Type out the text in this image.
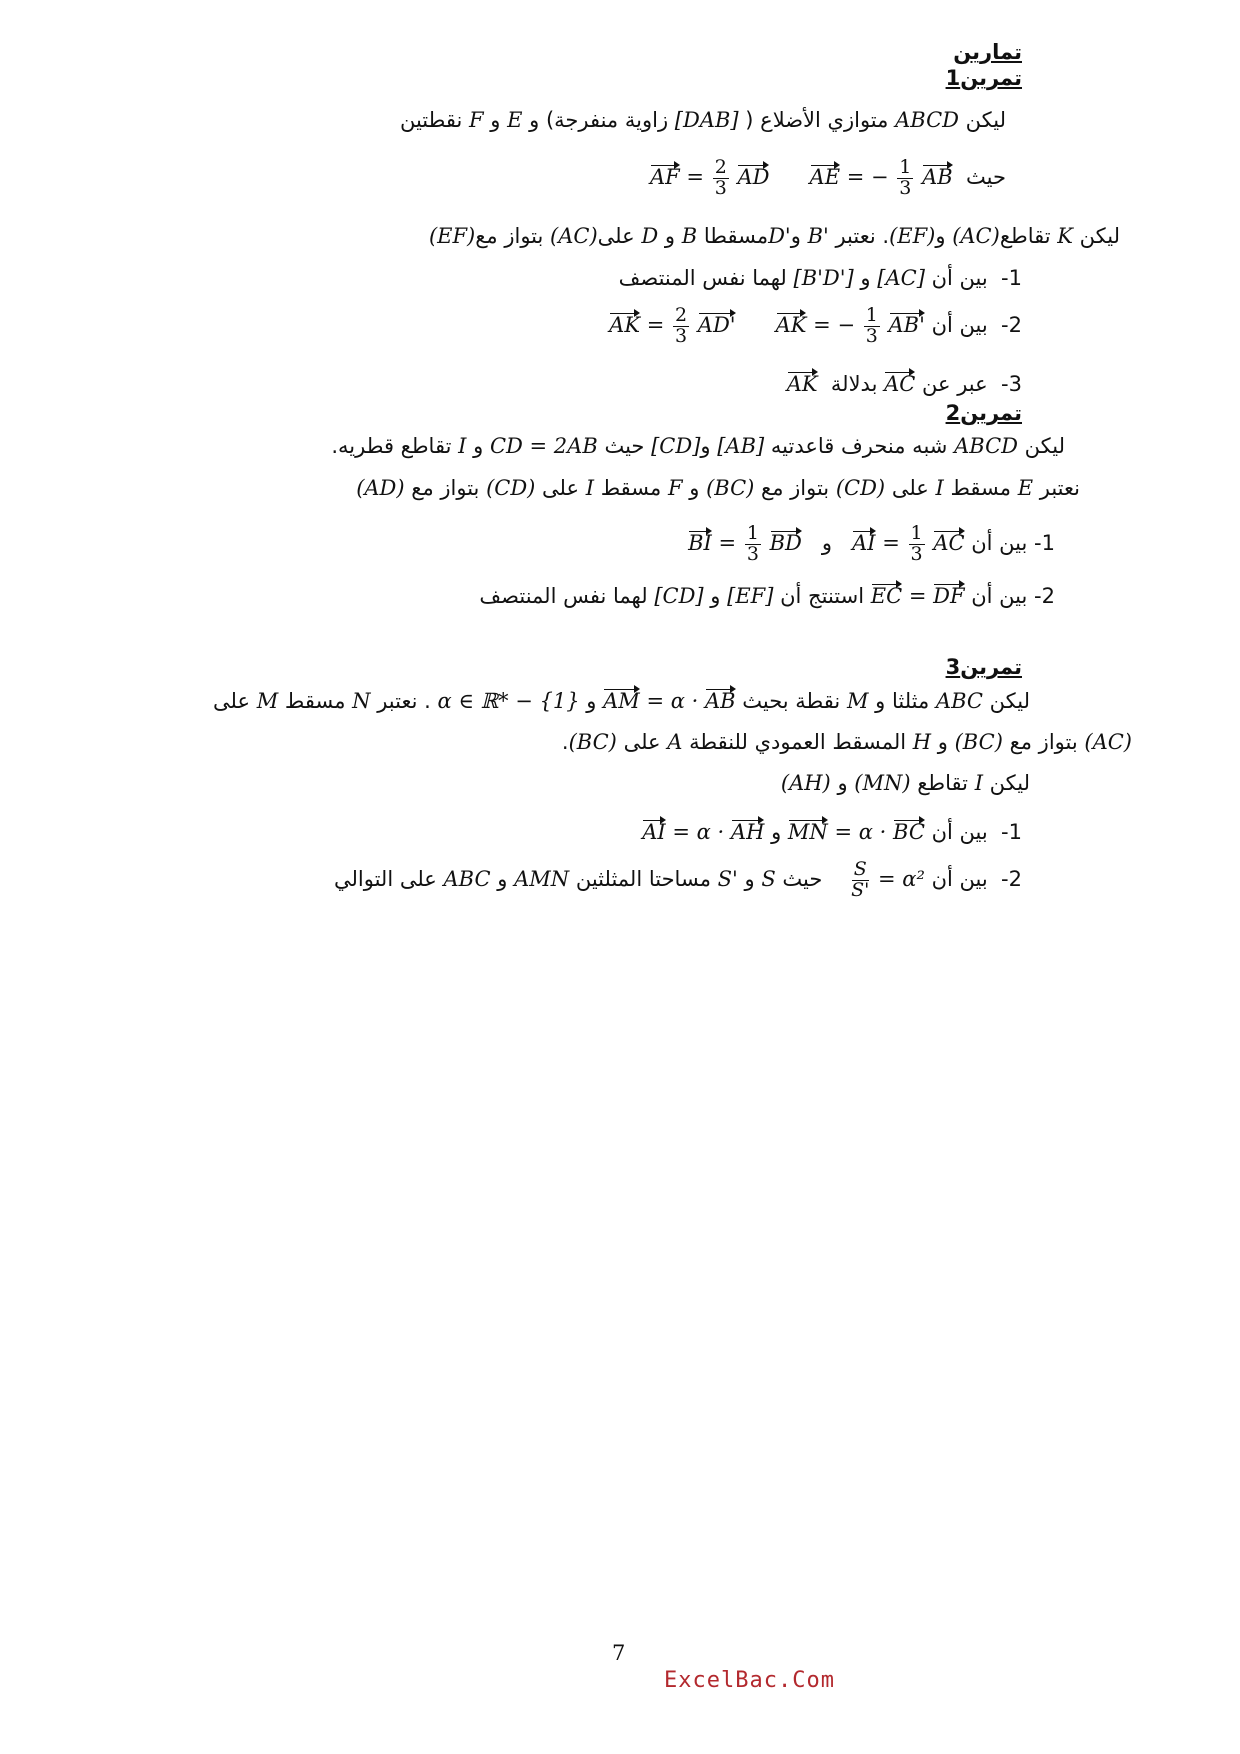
تمارين
تمرين1
ليكن ABCD متوازي الأضلاع ( [DAB] زاوية منفرجة) و E و F نقطتين
حيث  AE = − $\frac{1}{3}$ AB      AF = $\frac{2}{3}$ AD
ليكن K تقاطع(AC) و(EF). نعتبر B' وD'مسقطا B و D على(AC) بتواز مع(EF)
1-  بين أن [AC] و [B'D'] لهما نفس المنتصف
2-  بين أن AK = − $\frac{1}{3} AB'$      AK = $\frac{2}{3} AD'$
3-  عبر عن AC بدلالة  AK
تمرين2
ليكن ABCD شبه منحرف قاعدتيه [AB] و[CD] حيث CD = 2AB و I تقاطع قطريه.
نعتبر E مسقط I على (CD) بتواز مع (BC) و F مسقط I على (CD) بتواز مع (AD)
1- بين أن AI = $\frac{1}{3}$ AC   و   BI = $\frac{1}{3}$ BD
2- بين أن EC = DF استنتج أن [EF] و [CD] لهما نفس المنتصف
تمرين3
ليكن ABC مثلثا و M نقطة بحيث AM = α · AB و α ∈ ℝ* − {1} . نعتبر N مسقط M على
(AC) بتواز مع (BC) و H المسقط العمودي للنقطة A على (BC).
ليكن I تقاطع (MN) و (AH)
1-  بين أن MN = α · BC و AI = α · AH
2-  بين أن
$\frac{S}{S'} = \alpha^2$    حيث S و S' مساحتا المثلثين AMN و ABC على التوالي
7
ExcelBac.Com
